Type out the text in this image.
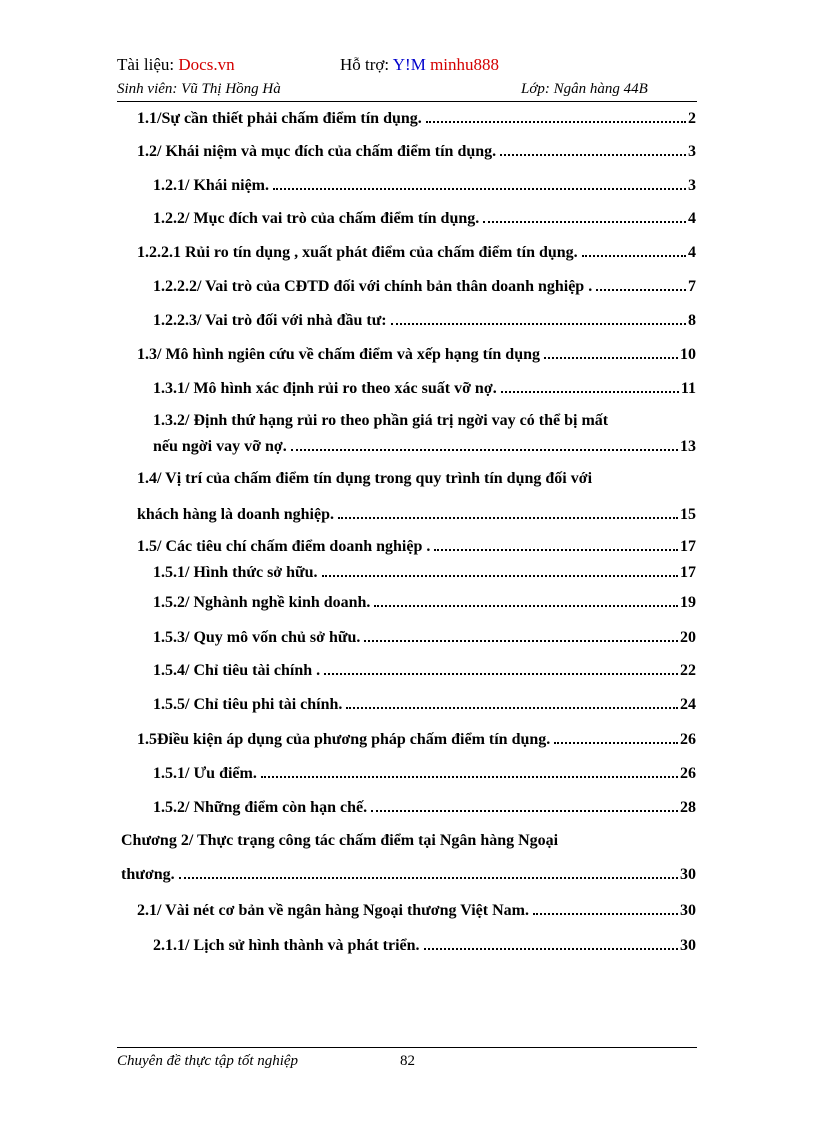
Tài liệu: Docs.vn	Hỗ trợ: Y!M minhu888
Sinh viên: Vũ Thị Hồng Hà	Lớp: Ngân hàng 44B
1.1/Sự cần thiết phải chấm điểm tín dụng.	2
1.2/ Khái niệm và mục đích của chấm điểm tín dụng.	3
1.2.1/ Khái niệm.	3
1.2.2/ Mục đích vai trò của chấm điểm tín dụng.	4
1.2.2.1 Rủi ro tín dụng , xuất phát điểm của chấm điểm tín dụng.	4
1.2.2.2/ Vai trò của CĐTD đối với chính bản thân doanh nghiệp .	7
1.2.2.3/ Vai trò đối với nhà đầu tư:	8
1.3/ Mô hình ngiên cứu về chấm điểm và xếp hạng tín dụng	10
1.3.1/ Mô hình xác định rủi ro theo xác suất vỡ nợ.	11
1.3.2/ Định thứ hạng rủi ro theo phần giá trị ngời vay có thể bị mất
nếu ngời vay vỡ nợ.	13
1.4/ Vị trí của chấm điểm tín dụng trong quy trình tín dụng đối với
khách hàng là doanh nghiệp.	15
1.5/ Các tiêu chí chấm điểm doanh nghiệp .	17
1.5.1/ Hình thức sở hữu.	17
1.5.2/ Nghành nghề kinh doanh.	19
1.5.3/ Quy mô vốn chủ sở hữu.	20
1.5.4/ Chỉ tiêu tài chính .	22
1.5.5/ Chỉ tiêu phi tài chính.	24
1.5Điều kiện áp dụng của phương pháp chấm điểm tín dụng.	26
1.5.1/ Ưu điểm.	26
1.5.2/ Những điểm còn hạn chế.	28
Chương 2/ Thực trạng công tác chấm điểm tại Ngân hàng Ngoại
thương.	30
2.1/ Vài nét cơ bản về ngân hàng Ngoại thương Việt Nam.	30
2.1.1/ Lịch sử hình thành và phát triển.	30
Chuyên đề thực tập tốt nghiệp	82
